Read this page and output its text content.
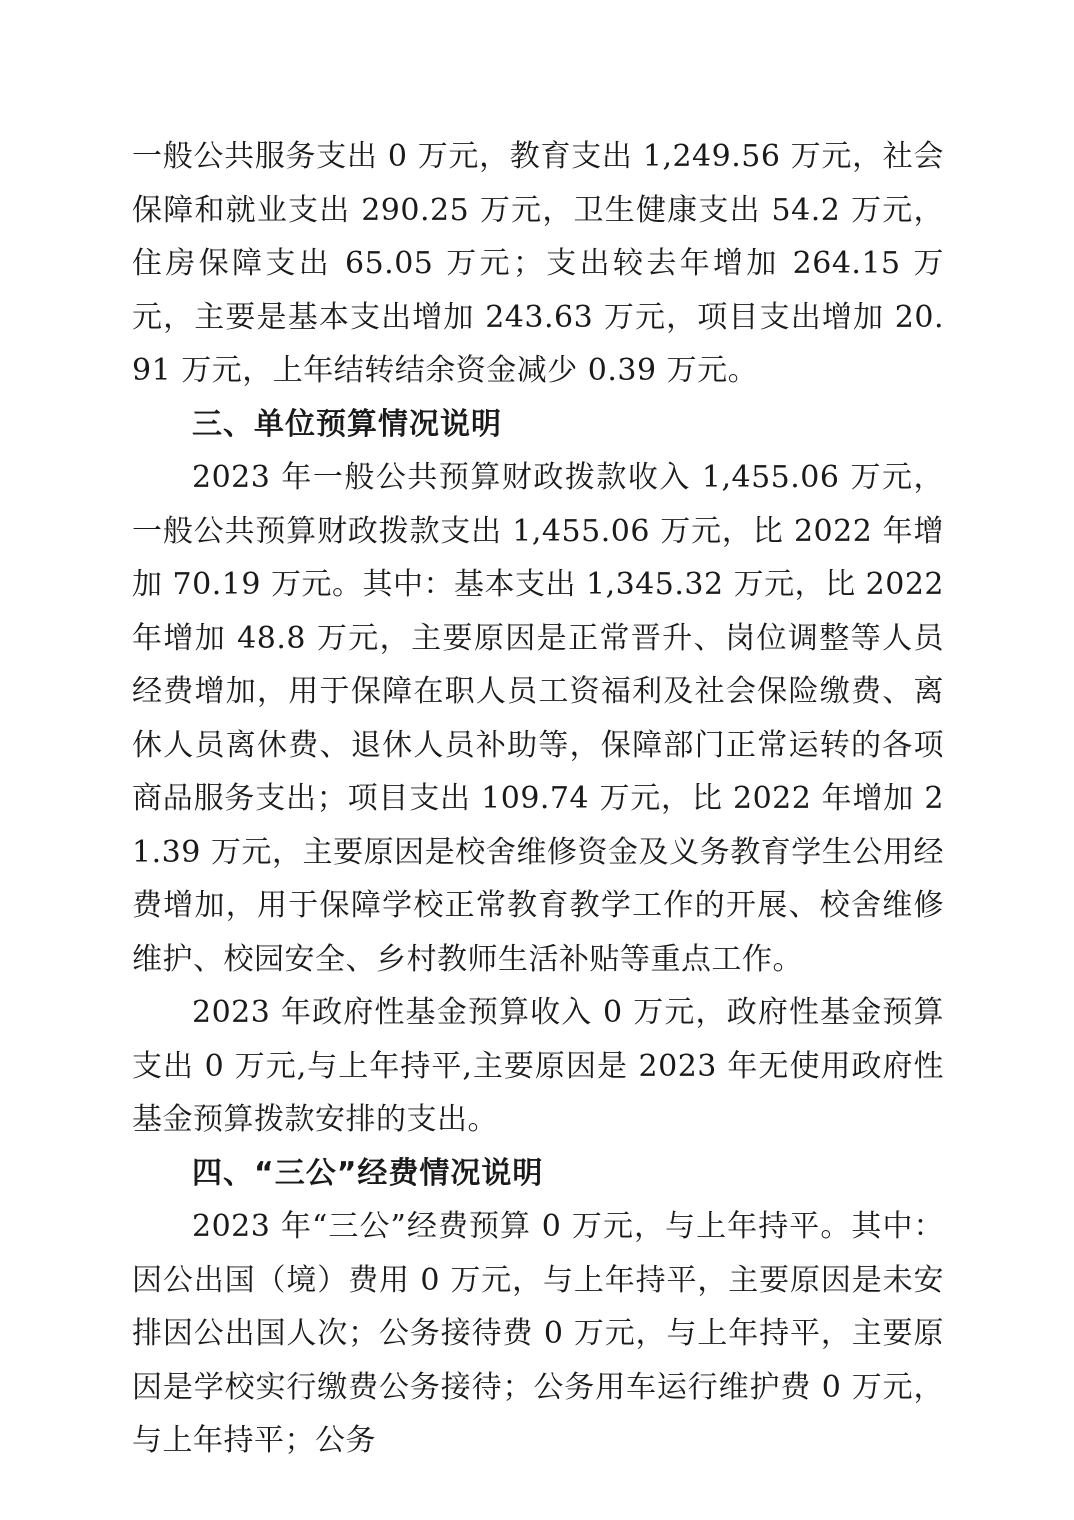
一般公共服务支出 0 万元，教育支出 1,249.56 万元，社会保障和就业支出 290.25 万元，卫生健康支出 54.2 万元，住房保障支出 65.05 万元；支出较去年增加 264.15 万元，主要是基本支出增加 243.63 万元，项目支出增加 20.91 万元，上年结转结余资金减少 0.39 万元。

三、单位预算情况说明

2023 年一般公共预算财政拨款收入 1,455.06 万元，一般公共预算财政拨款支出 1,455.06 万元，比 2022 年增加 70.19 万元。其中：基本支出 1,345.32 万元，比 2022 年增加 48.8 万元，主要原因是正常晋升、岗位调整等人员经费增加，用于保障在职人员工资福利及社会保险缴费、离休人员离休费、退休人员补助等，保障部门正常运转的各项商品服务支出；项目支出 109.74 万元，比 2022 年增加 21.39 万元，主要原因是校舍维修资金及义务教育学生公用经费增加，用于保障学校正常教育教学工作的开展、校舍维修维护、校园安全、乡村教师生活补贴等重点工作。

2023 年政府性基金预算收入 0 万元，政府性基金预算支出 0 万元,与上年持平,主要原因是 2023 年无使用政府性基金预算拨款安排的支出。

四、“三公”经费情况说明

2023 年“三公”经费预算 0 万元，与上年持平。其中：因公出国（境）费用 0 万元，与上年持平，主要原因是未安排因公出国人次；公务接待费 0 万元，与上年持平，主要原因是学校实行缴费公务接待；公务用车运行维护费 0 万元，与上年持平；公务
